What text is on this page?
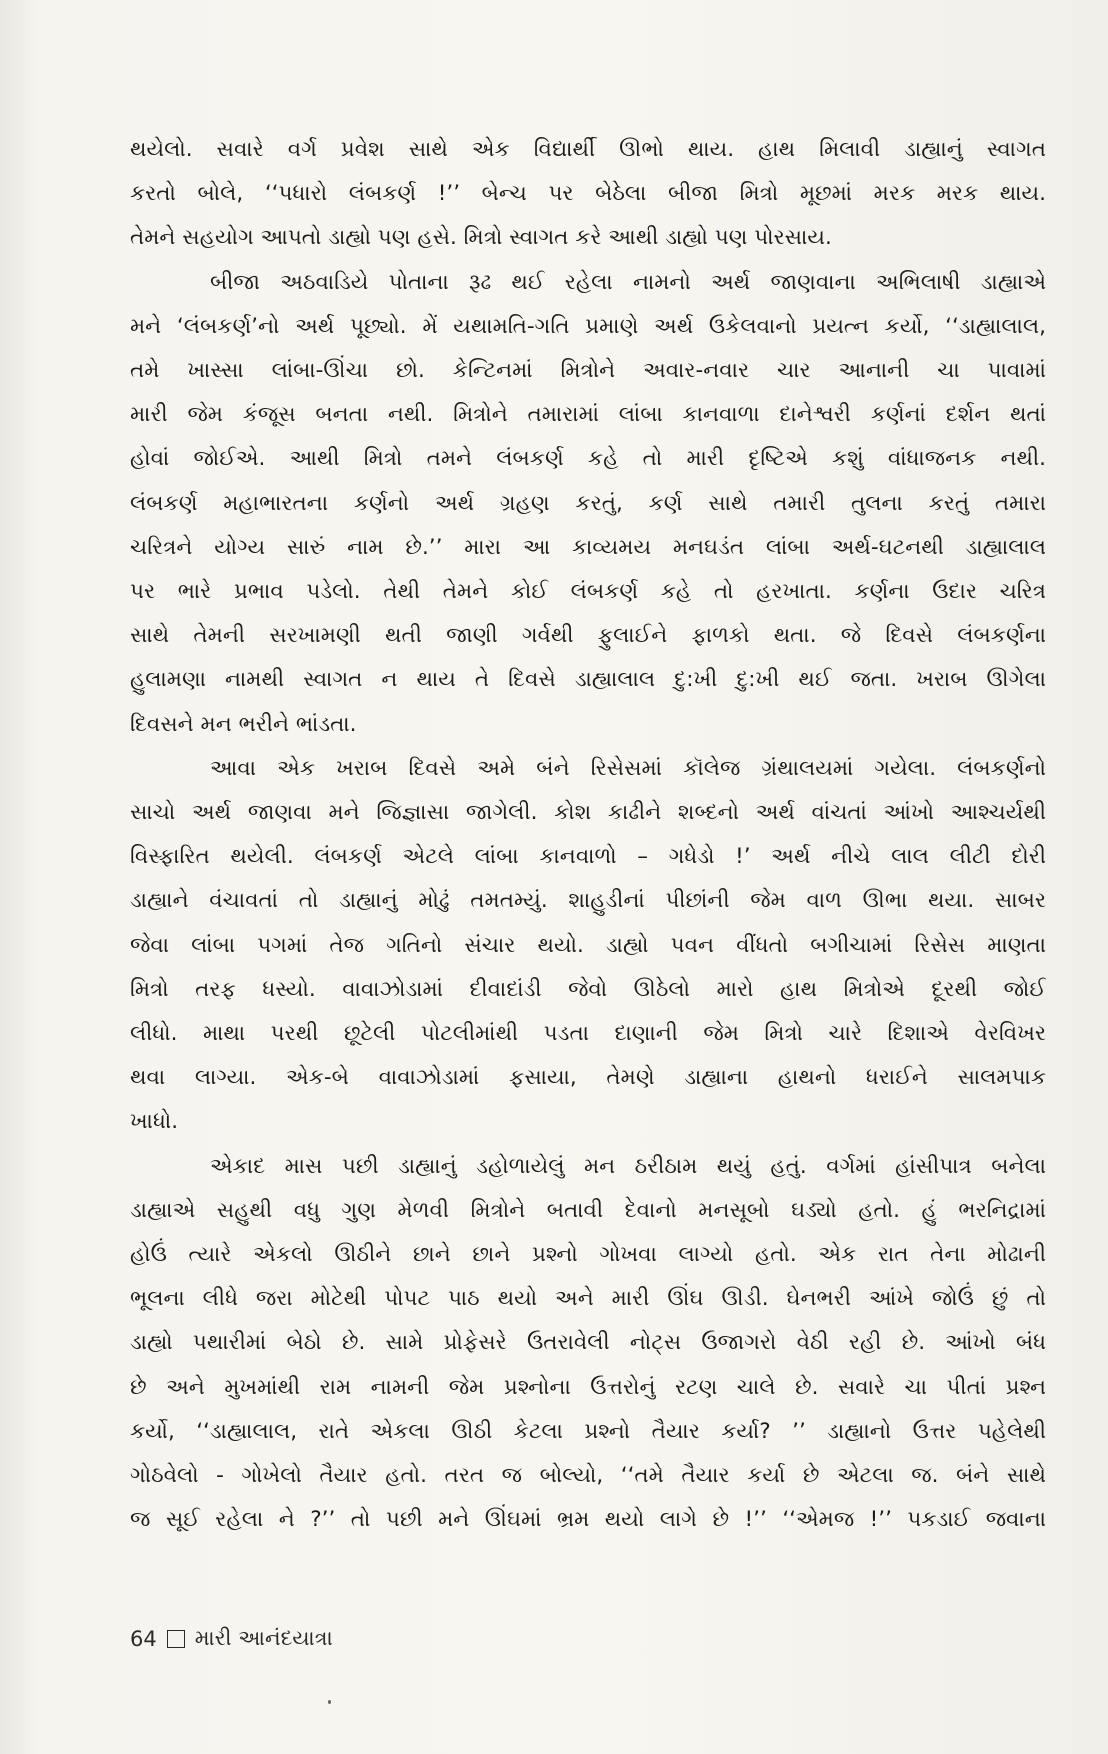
થયેલો. સવારે વર્ગ પ્રવેશ સાથે એક વિદ્યાર્થી ઊભો થાય. હાથ મિલાવી ડાહ્યાનું સ્વાગત
કરતો બોલે, ‘‘પધારો લંબકર્ણ !’’ બેન્ચ પર બેઠેલા બીજા મિત્રો મૂછમાં મરક મરક થાય.
તેમને સહયોગ આપતો ડાહ્યો પણ હસે. મિત્રો સ્વાગત કરે આથી ડાહ્યો પણ પોરસાય.
બીજા અઠવાડિયે પોતાના રૂઢ થઈ રહેલા નામનો અર્થ જાણવાના અભિલાષી ડાહ્યાએ
મને ‘લંબકર્ણ’નો અર્થ પૂછ્યો. મેં યથામતિ-ગતિ પ્રમાણે અર્થ ઉકેલવાનો પ્રયત્ન કર્યો, ‘‘ડાહ્યાલાલ,
તમે ખાસ્સા લાંબા-ઊંચા છો. કેન્ટિનમાં મિત્રોને અવાર-નવાર ચાર આનાની ચા પાવામાં
મારી જેમ કંજૂસ બનતા નથી. મિત્રોને તમારામાં લાંબા કાનવાળા દાનેશ્વરી કર્ણનાં દર્શન થતાં
હોવાં જોઈએ. આથી મિત્રો તમને લંબકર્ણ કહે તો મારી દૃષ્ટિએ કશું વાંધાજનક નથી.
લંબકર્ણ મહાભારતના કર્ણનો અર્થ ગ્રહણ કરતું, કર્ણ સાથે તમારી તુલના કરતું તમારા
ચરિત્રને યોગ્ય સારું નામ છે.’’ મારા આ કાવ્યમય મનઘડંત લાંબા અર્થ-ઘટનથી ડાહ્યાલાલ
પર ભારે પ્રભાવ પડેલો. તેથી તેમને કોઈ લંબકર્ણ કહે તો હરખાતા. કર્ણના ઉદાર ચરિત્ર
સાથે તેમની સરખામણી થતી જાણી ગર્વથી ફુલાઈને ફાળકો થતા. જે દિવસે લંબકર્ણના
હુલામણા નામથી સ્વાગત ન થાય તે દિવસે ડાહ્યાલાલ દુ:ખી દુ:ખી થઈ જતા. ખરાબ ઊગેલા
દિવસને મન ભરીને ભાંડતા.
આવા એક ખરાબ દિવસે અમે બંને રિસેસમાં કૉલેજ ગ્રંથાલયમાં ગયેલા. લંબકર્ણનો
સાચો અર્થ જાણવા મને જિજ્ઞાસા જાગેલી. કોશ કાઢીને શબ્દનો અર્થ વાંચતાં આંખો આશ્ચર્યથી
વિસ્ફારિત થયેલી. લંબકર્ણ એટલે લાંબા કાનવાળો – ગધેડો !’ અર્થ નીચે લાલ લીટી દોરી
ડાહ્યાને વંચાવતાં તો ડાહ્યાનું મોઢું તમતમ્યું. શાહુડીનાં પીછાંની જેમ વાળ ઊભા થયા. સાબર
જેવા લાંબા પગમાં તેજ ગતિનો સંચાર થયો. ડાહ્યો પવન વીંધતો બગીચામાં રિસેસ માણતા
મિત્રો તરફ ધસ્યો. વાવાઝોડામાં દીવાદાંડી જેવો ઊઠેલો મારો હાથ મિત્રોએ દૂરથી જોઈ
લીધો. માથા પરથી છૂટેલી પોટલીમાંથી પડતા દાણાની જેમ મિત્રો ચારે દિશાએ વેરવિખર
થવા લાગ્યા. એક-બે વાવાઝોડામાં ફસાયા, તેમણે ડાહ્યાના હાથનો ધરાઈને સાલમપાક
ખાધો.
એકાદ માસ પછી ડાહ્યાનું ડહોળાયેલું મન ઠરીઠામ થયું હતું. વર્ગમાં હાંસીપાત્ર બનેલા
ડાહ્યાએ સહુથી વધુ ગુણ મેળવી મિત્રોને બતાવી દેવાનો મનસૂબો ઘડ્યો હતો. હું ભરનિદ્રામાં
હોઉં ત્યારે એકલો ઊઠીને છાને છાને પ્રશ્નો ગોખવા લાગ્યો હતો. એક રાત તેના મોઢાની
ભૂલના લીધે જરા મોટેથી પોપટ પાઠ થયો અને મારી ઊંઘ ઊડી. ઘેનભરી આંખે જોઉં છું તો
ડાહ્યો પથારીમાં બેઠો છે. સામે પ્રોફેસરે ઉતરાવેલી નોટ્સ ઉજાગરો વેઠી રહી છે. આંખો બંધ
છે અને મુખમાંથી રામ નામની જેમ પ્રશ્નોના ઉત્તરોનું રટણ ચાલે છે. સવારે ચા પીતાં પ્રશ્ન
કર્યો, ‘‘ડાહ્યાલાલ, રાતે એકલા ઊઠી કેટલા પ્રશ્નો તૈયાર કર્યા? ’’ ડાહ્યાનો ઉત્તર પહેલેથી
ગોઠવેલો - ગોખેલો તૈયાર હતો. તરત જ બોલ્યો, ‘‘તમે તૈયાર કર્યા છે એટલા જ. બંને સાથે
જ સૂઈ રહેલા ને ?’’ તો પછી મને ઊંઘમાં ભ્રમ થયો લાગે છે !’’ ‘‘એમજ !’’ પકડાઈ જવાના
64 મારી આનંદયાત્રા
